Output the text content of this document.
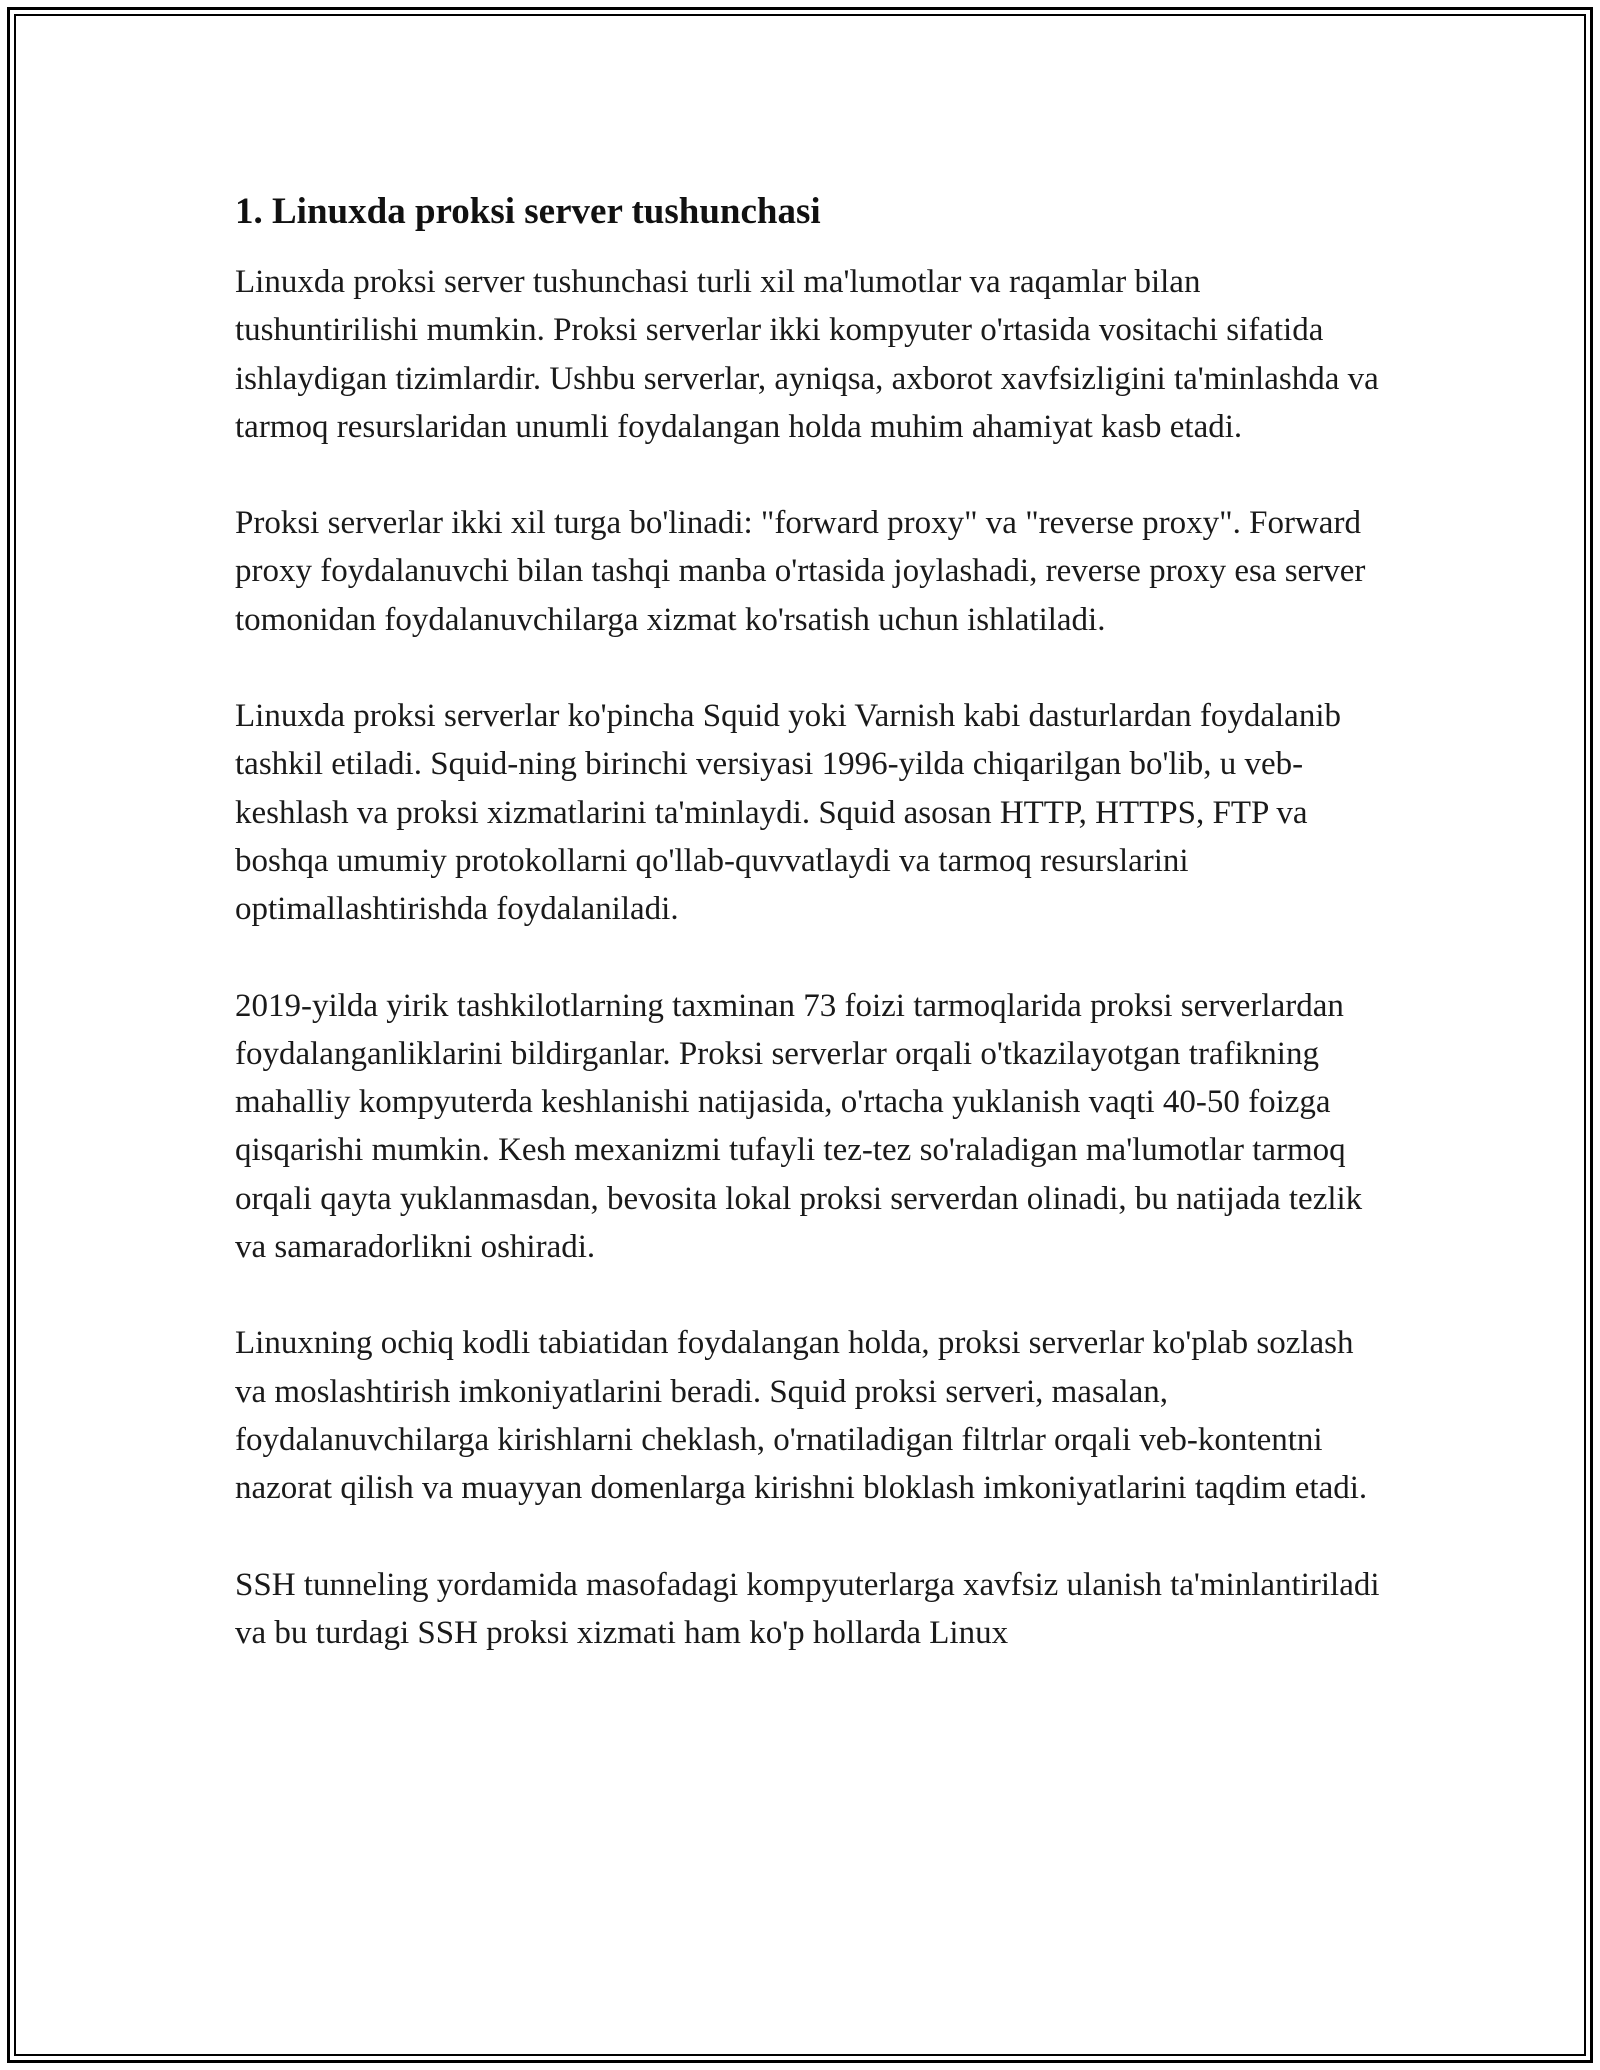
1. Linuxda proksi server tushunchasi

Linuxda proksi server tushunchasi turli xil ma'lumotlar va raqamlar bilan tushuntirilishi mumkin. Proksi serverlar ikki kompyuter o'rtasida vositachi sifatida ishlaydigan tizimlardir. Ushbu serverlar, ayniqsa, axborot xavfsizligini ta'minlashda va tarmoq resurslaridan unumli foydalangan holda muhim ahamiyat kasb etadi.

Proksi serverlar ikki xil turga bo'linadi: "forward proxy" va "reverse proxy". Forward proxy foydalanuvchi bilan tashqi manba o'rtasida joylashadi, reverse proxy esa server tomonidan foydalanuvchilarga xizmat ko'rsatish uchun ishlatiladi.

Linuxda proksi serverlar ko'pincha Squid yoki Varnish kabi dasturlardan foydalanib tashkil etiladi. Squid-ning birinchi versiyasi 1996-yilda chiqarilgan bo'lib, u veb-keshlash va proksi xizmatlarini ta'minlaydi. Squid asosan HTTP, HTTPS, FTP va boshqa umumiy protokollarni qo'llab-quvvatlaydi va tarmoq resurslarini optimallashtirishda foydalaniladi.

2019-yilda yirik tashkilotlarning taxminan 73 foizi tarmoqlarida proksi serverlardan foydalanganliklarini bildirganlar. Proksi serverlar orqali o'tkazilayotgan trafikning mahalliy kompyuterda keshlanishi natijasida, o'rtacha yuklanish vaqti 40-50 foizga qisqarishi mumkin. Kesh mexanizmi tufayli tez-tez so'raladigan ma'lumotlar tarmoq orqali qayta yuklanmasdan, bevosita lokal proksi serverdan olinadi, bu natijada tezlik va samaradorlikni oshiradi.

Linuxning ochiq kodli tabiatidan foydalangan holda, proksi serverlar ko'plab sozlash va moslashtirish imkoniyatlarini beradi. Squid proksi serveri, masalan, foydalanuvchilarga kirishlarni cheklash, o'rnatiladigan filtrlar orqali veb-kontentni nazorat qilish va muayyan domenlarga kirishni bloklash imkoniyatlarini taqdim etadi.

SSH tunneling yordamida masofadagi kompyuterlarga xavfsiz ulanish ta'minlantiriladi va bu turdagi SSH proksi xizmati ham ko'p hollarda Linux
